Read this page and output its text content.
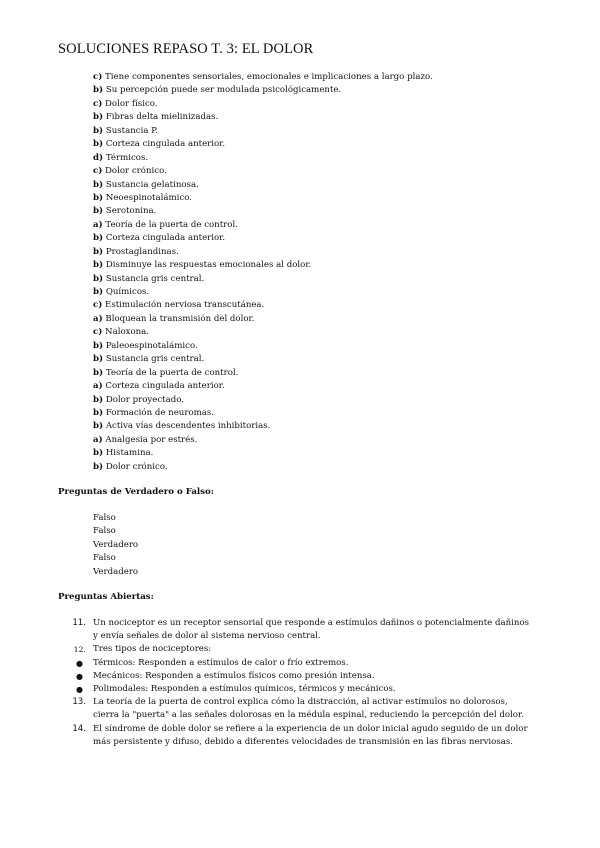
SOLUCIONES REPASO T. 3: EL DOLOR
c) Tiene componentes sensoriales, emocionales e implicaciones a largo plazo.
b) Su percepción puede ser modulada psicológicamente.
c) Dolor físico.
b) Fibras delta mielinizadas.
b) Sustancia P.
b) Corteza cingulada anterior.
d) Térmicos.
c) Dolor crónico.
b) Sustancia gelatinosa.
b) Neoespinotalámico.
b) Serotonina.
a) Teoría de la puerta de control.
b) Corteza cingulada anterior.
b) Prostaglandinas.
b) Disminuye las respuestas emocionales al dolor.
b) Sustancia gris central.
b) Químicos.
c) Estimulación nerviosa transcutánea.
a) Bloquean la transmisión del dolor.
c) Naloxona.
b) Paleoespinotalámico.
b) Sustancia gris central.
b) Teoría de la puerta de control.
a) Corteza cingulada anterior.
b) Dolor proyectado.
b) Formación de neuromas.
b) Activa vías descendentes inhibitorias.
a) Analgesia por estrés.
b) Histamina.
b) Dolor crónico.

Preguntas de Verdadero o Falso:

Falso
Falso
Verdadero
Falso
Verdadero

Preguntas Abiertas:

11. Un nociceptor es un receptor sensorial que responde a estímulos dañinos o potencialmente dañinos y envía señales de dolor al sistema nervioso central.
12. Tres tipos de nociceptores:
● Térmicos: Responden a estímulos de calor o frío extremos.
● Mecánicos: Responden a estímulos físicos como presión intensa.
● Polimodales: Responden a estímulos químicos, térmicos y mecánicos.
13. La teoría de la puerta de control explica cómo la distracción, al activar estímulos no dolorosos, cierra la "puerta" a las señales dolorosas en la médula espinal, reduciendo la percepción del dolor.
14. El síndrome de doble dolor se refiere a la experiencia de un dolor inicial agudo seguido de un dolor más persistente y difuso, debido a diferentes velocidades de transmisión en las fibras nerviosas.
